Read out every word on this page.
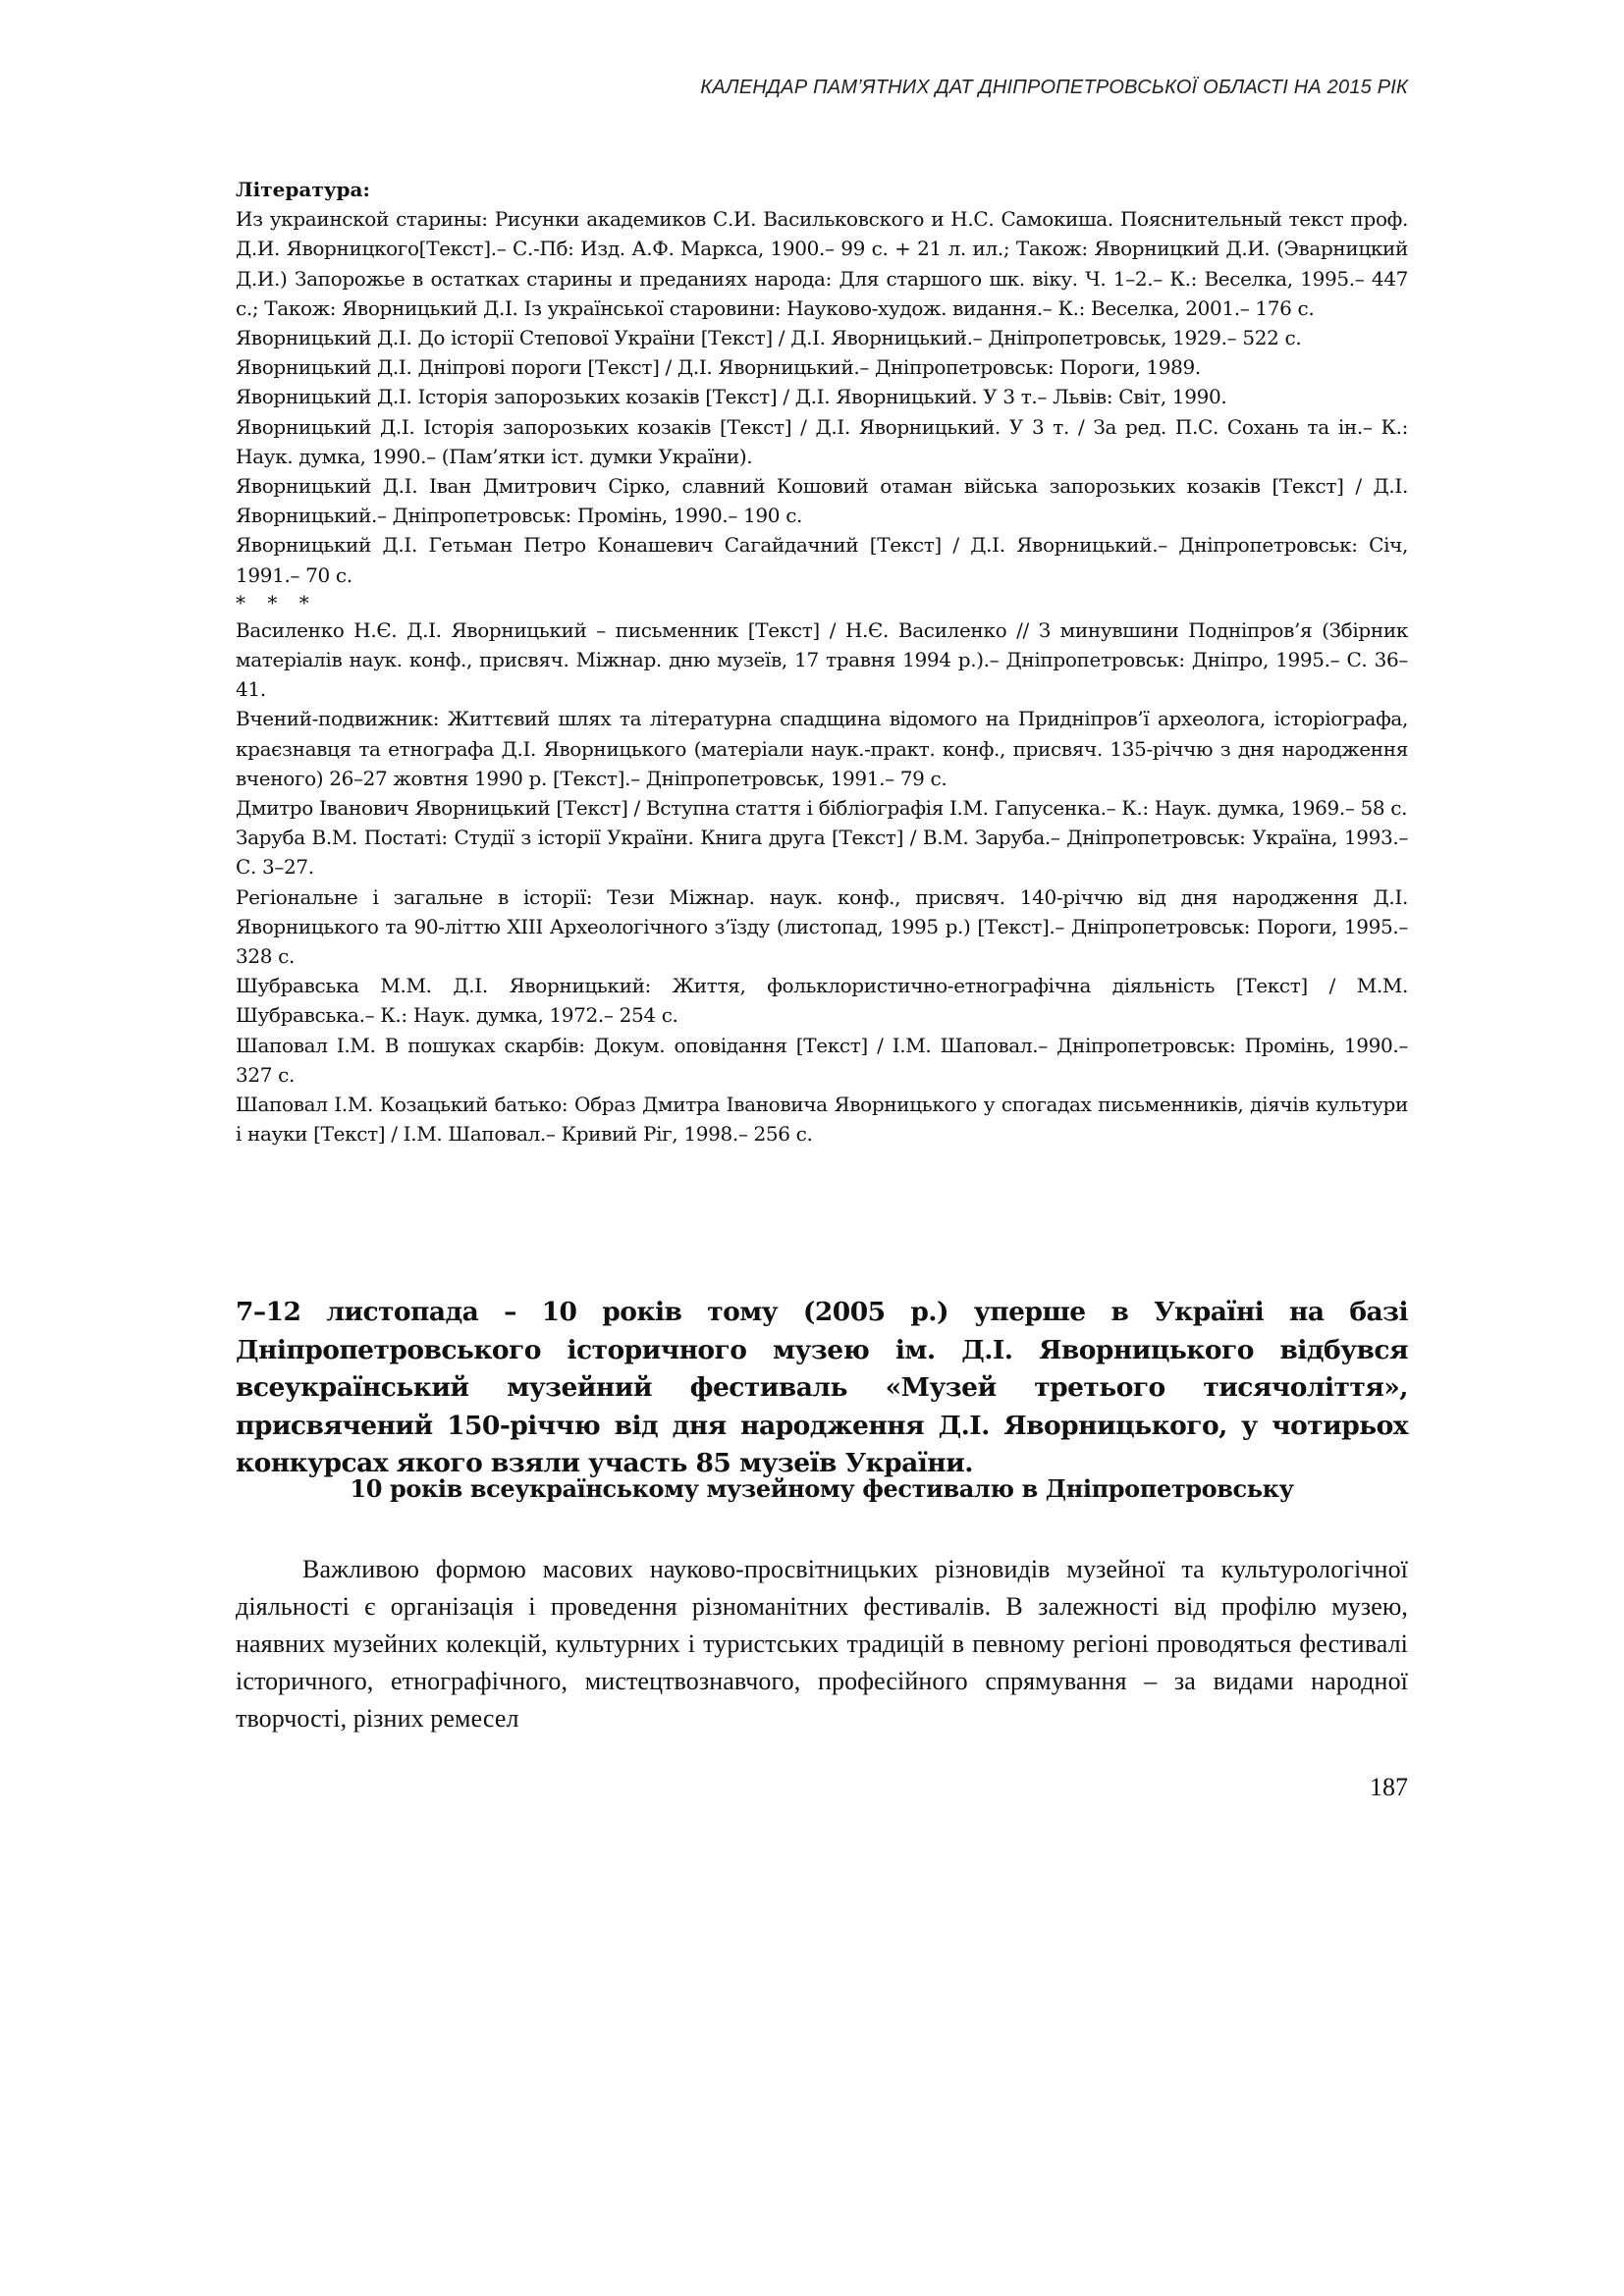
КАЛЕНДАР ПАМ’ЯТНИХ ДАТ ДНІПРОПЕТРОВСЬКОЇ ОБЛАСТІ НА 2015 РІК

Література:

Из украинской старины: Рисунки академиков С.И. Васильковского и Н.С. Самокиша. Пояснительный текст проф. Д.И. Яворницкого[Текст].– С.-Пб: Изд. А.Ф. Маркса, 1900.– 99 с. + 21 л. ил.; Також: Яворницкий Д.И. (Эварницкий Д.И.) Запорожье в остатках старины и преданиях народа: Для старшого шк. віку. Ч. 1–2.– К.: Веселка, 1995.– 447 с.; Також: Яворницький Д.І. Із української старовини: Науково-худож. видання.– К.: Веселка, 2001.– 176 с.

Яворницький Д.І. До історії Степової України [Текст] / Д.І. Яворницький.– Дніпропетровськ, 1929.– 522 с.

Яворницький Д.І. Дніпрові пороги [Текст] / Д.І. Яворницький.– Дніпропетровськ: Пороги, 1989.

Яворницький Д.І. Історія запорозьких козаків [Текст] / Д.І. Яворницький. У 3 т.– Львів: Світ, 1990.

Яворницький Д.І. Історія запорозьких козаків [Текст] / Д.І. Яворницький. У 3 т. / За ред. П.С. Сохань та ін.– К.: Наук. думка, 1990.– (Пам’ятки іст. думки України).

Яворницький Д.І. Іван Дмитрович Сірко, славний Кошовий отаман війська запорозьких козаків [Текст] / Д.І. Яворницький.– Дніпропетровськ: Промінь, 1990.– 190 с.

Яворницький Д.І. Гетьман Петро Конашевич Сагайдачний [Текст] / Д.І. Яворницький.– Дніпропетровськ: Січ, 1991.– 70 с.

* * *

Василенко Н.Є. Д.І. Яворницький – письменник [Текст] / Н.Є. Василенко // З минувшини Подніпров’я (Збірник матеріалів наук. конф., присвяч. Міжнар. дню музеїв, 17 травня 1994 р.).– Дніпропетровськ: Дніпро, 1995.– С. 36–41.

Вчений-подвижник: Життєвий шлях та літературна спадщина відомого на Придніпров’ї археолога, історіографа, краєзнавця та етнографа Д.І. Яворницького (матеріали наук.-практ. конф., присвяч. 135-річчю з дня народження вченого) 26–27 жовтня 1990 р. [Текст].– Дніпропетровськ, 1991.– 79 с.

Дмитро Іванович Яворницький [Текст] / Вступна стаття і бібліографія І.М. Гапусенка.– К.: Наук. думка, 1969.– 58 с.

Заруба В.М. Постаті: Студії з історії України. Книга друга [Текст] / В.М. Заруба.– Дніпропетровськ: Україна, 1993.– С. 3–27.

Регіональне і загальне в історії: Тези Міжнар. наук. конф., присвяч. 140-річчю від дня народження Д.І. Яворницького та 90-літтю XIII Археологічного з’їзду (листопад, 1995 р.) [Текст].– Дніпропетровськ: Пороги, 1995.– 328 с.

Шубравська М.М. Д.І. Яворницький: Життя, фольклористично-етнографічна діяльність [Текст] / М.М. Шубравська.– К.: Наук. думка, 1972.– 254 с.

Шаповал І.М. В пошуках скарбів: Докум. оповідання [Текст] / І.М. Шаповал.– Дніпропетровськ: Промінь, 1990.– 327 с.

Шаповал І.М. Козацький батько: Образ Дмитра Івановича Яворницького у спогадах письменників, діячів культури і науки [Текст] / І.М. Шаповал.– Кривий Ріг, 1998.– 256 с.

7–12 листопада – 10 років тому (2005 р.) уперше в Україні на базі Дніпропетровського історичного музею ім. Д.І. Яворницького відбувся всеукраїнський музейний фестиваль «Музей третього тисячоліття», присвячений 150-річчю від дня народження Д.І. Яворницького, у чотирьох конкурсах якого взяли участь 85 музеїв України.

10 років всеукраїнському музейному фестивалю в Дніпропетровську

Важливою формою масових науково-просвітницьких різновидів музейної та культурологічної діяльності є організація і проведення різноманітних фестивалів. В залежності від профілю музею, наявних музейних колекцій, культурних і туристських традицій в певному регіоні проводяться фестивалі історичного, етнографічного, мистецтвознавчого, професійного спрямування – за видами народної творчості, різних ремесел

187
